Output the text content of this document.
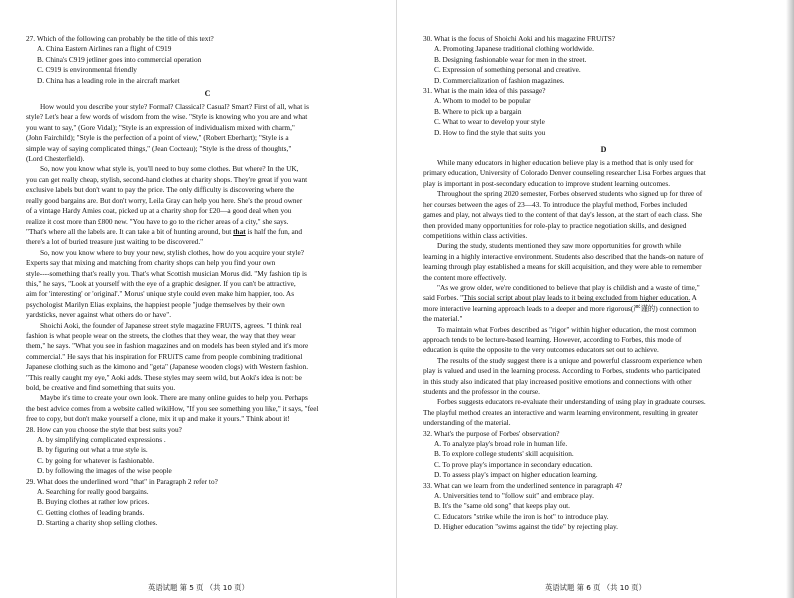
27. Which of the following can probably be the title of this text?
A. China Eastern Airlines ran a flight of C919
B. China's C919 jetliner goes into commercial operation
C. C919 is environmental friendly
D. China has a leading role in the aircraft market
C
How would you describe your style? Formal? Classical? Casual? Smart? First of all, what is
style? Let's hear a few words of wisdom from the wise. "Style is knowing who you are and what
you want to say," (Gore Vidal); "Style is an expression of individualism mixed with charm,"
(John Fairchild); "Style is the perfection of a point of view," (Robert Eberhart); "Style is a
simple way of saying complicated things," (Jean Cocteau); "Style is the dress of thoughts,"
(Lord Chesterfield).
So, now you know what style is, you'll need to buy some clothes. But where? In the UK,
you can get really cheap, stylish, second-hand clothes at charity shops. They're great if you want
exclusive labels but don't want to pay the price. The only difficulty is discovering where the
really good bargains are. But don't worry, Leila Gray can help you here. She's the proud owner
of a vintage Hardy Amies coat, picked up at a charity shop for £20—a good deal when you
realize it cost more than £800 new. "You have to go to the richer areas of a city," she says.
"That's where all the labels are. It can take a bit of hunting around, but that is half the fun, and
there's a lot of buried treasure just waiting to be discovered."
So, now you know where to buy your new, stylish clothes, how do you acquire your style?
Experts say that mixing and matching from charity shops can help you find your own
style----something that's really you. That's what Scottish musician Morus did. "My fashion tip is
this," he says, "Look at yourself with the eye of a graphic designer. If you can't be attractive,
aim for 'interesting' or 'original'." Morus' unique style could even make him happier, too. As
psychologist Marilyn Elias explains, the happiest people "judge themselves by their own
yardsticks, never against what others do or have".
Shoichi Aoki, the founder of Japanese street style magazine FRUiTS, agrees. "I think real
fashion is what people wear on the streets, the clothes that they wear, the way that they wear
them," he says. "What you see in fashion magazines and on models has been styled and it's more
commercial." He says that his inspiration for FRUiTS came from people combining traditional
Japanese clothing such as the kimono and "geta" (Japanese wooden clogs) with Western fashion.
"This really caught my eye," Aoki adds. These styles may seem wild, but Aoki's idea is not: be
bold, be creative and find something that suits you.
Maybe it's time to create your own look. There are many online guides to help you. Perhaps
the best advice comes from a website called wikiHow, "If you see something you like," it says, "feel
free to copy, but don't make yourself a clone, mix it up and make it yours." Think about it!
28. How can you choose the style that best suits you?
A. by simplifying complicated expressions .
B. by figuring out what a true style is.
C. by going for whatever is fashionable.
D. by following the images of the wise people
29. What does the underlined word "that" in Paragraph 2 refer to?
A. Searching for really good bargains.
B. Buying clothes at rather low prices.
C. Getting clothes of leading brands.
D. Starting a charity shop selling clothes.
英语试题 第 5 页 （共 10 页）
30. What is the focus of Shoichi Aoki and his magazine FRUiTS?
A. Promoting Japanese traditional clothing worldwide.
B. Designing fashionable wear for men in the street.
C. Expression of something personal and creative.
D. Commercialization of fashion magazines.
31. What is the main idea of this passage?
A. Whom to model to be popular
B. Where to pick up a bargain
C. What to wear to develop your style
D. How to find the style that suits you
D
While many educators in higher education believe play is a method that is only used for
primary education, University of Colorado Denver counseling researcher Lisa Forbes argues that
play is important in post-secondary education to improve student learning outcomes.
Throughout the spring 2020 semester, Forbes observed students who signed up for three of
her courses between the ages of 23—43. To introduce the playful method, Forbes included
games and play, not always tied to the content of that day's lesson, at the start of each class. She
then provided many opportunities for role-play to practice negotiation skills, and designed
competitions within class activities.
During the study, students mentioned they saw more opportunities for growth while
learning in a highly interactive environment. Students also described that the hands-on nature of
learning through play established a means for skill acquisition, and they were able to remember
the content more effectively.
"As we grow older, we're conditioned to believe that play is childish and a waste of time,"
said Forbes. "This social script about play leads to it being excluded from higher education. A
more interactive learning approach leads to a deeper and more rigorous(严谨的) connection to
the material."
To maintain what Forbes described as "rigor" within higher education, the most common
approach tends to be lecture-based learning. However, according to Forbes, this mode of
education is quite the opposite to the very outcomes educators set out to achieve.
The results of the study suggest there is a unique and powerful classroom experience when
play is valued and used in the learning process. According to Forbes, students who participated
in this study also indicated that play increased positive emotions and connections with other
students and the professor in the course.
Forbes suggests educators re-evaluate their understanding of using play in graduate courses.
The playful method creates an interactive and warm learning environment, resulting in greater
understanding of the material.
32. What's the purpose of Forbes' observation?
A. To analyze play's broad role in human life.
B. To explore college students' skill acquisition.
C. To prove play's importance in secondary education.
D. To assess play's impact on higher education learning.
33. What can we learn from the underlined sentence in paragraph 4?
A. Universities tend to "follow suit" and embrace play.
B. It's the "same old song" that keeps play out.
C. Educators "strike while the iron is hot" to introduce play.
D. Higher education "swims against the tide" by rejecting play.
英语试题 第 6 页 （共 10 页）
